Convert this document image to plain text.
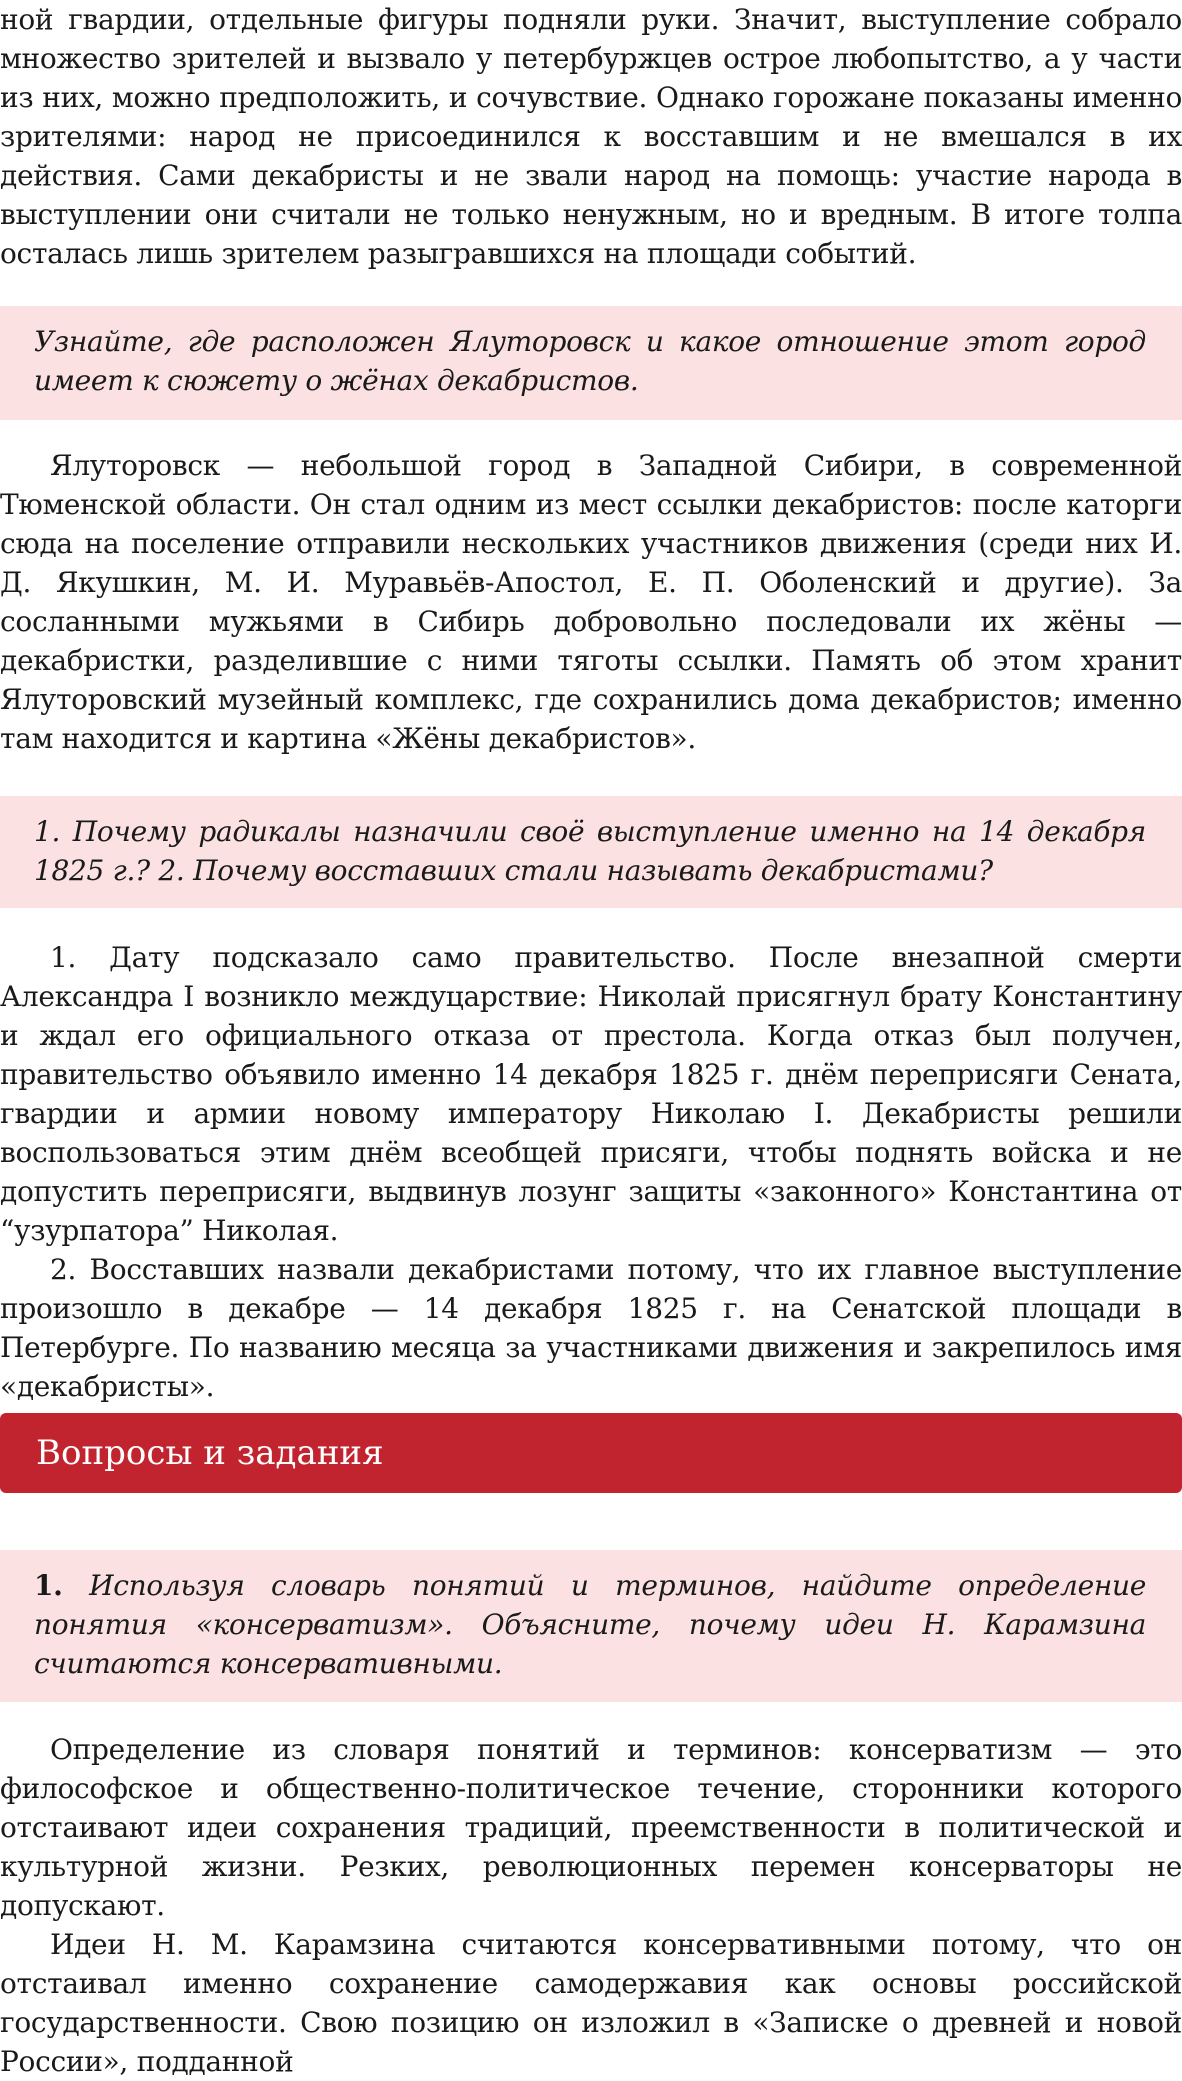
ной гвардии, отдельные фигуры подняли руки. Значит, выступление собрало множество зрителей и вызвало у петербуржцев острое любопытство, а у части из них, можно предположить, и сочувствие. Однако горожане показаны именно зрителями: народ не присоединился к восставшим и не вмешался в их действия. Сами декабристы и не звали народ на помощь: участие народа в выступлении они считали не только ненужным, но и вредным. В итоге толпа осталась лишь зрителем разыгравшихся на площади событий.

Узнайте, где расположен Ялуторовск и какое отношение этот город имеет к сюжету о жёнах декабристов.

Ялуторовск — небольшой город в Западной Сибири, в современной Тюменской области. Он стал одним из мест ссылки декабристов: после каторги сюда на поселение отправили нескольких участников движения (среди них И. Д. Якушкин, М. И. Муравьёв-Апостол, Е. П. Оболенский и другие). За сосланными мужьями в Сибирь добровольно последовали их жёны — декабристки, разделившие с ними тяготы ссылки. Память об этом хранит Ялуторовский музейный комплекс, где сохранились дома декабристов; именно там находится и картина «Жёны декабристов».

1. Почему радикалы назначили своё выступление именно на 14 декабря 1825 г.? 2. Почему восставших стали называть декабристами?

1. Дату подсказало само правительство. После внезапной смерти Александра I возникло междуцарствие: Николай присягнул брату Константину и ждал его официального отказа от престола. Когда отказ был получен, правительство объявило именно 14 декабря 1825 г. днём переприсяги Сената, гвардии и армии новому императору Николаю I. Декабристы решили воспользоваться этим днём всеобщей присяги, чтобы поднять войска и не допустить переприсяги, выдвинув лозунг защиты «законного» Константина от “узурпатора” Николая.

2. Восставших назвали декабристами потому, что их главное выступление произошло в декабре — 14 декабря 1825 г. на Сенатской площади в Петербурге. По названию месяца за участниками движения и закрепилось имя «декабристы».

Вопросы и задания

1. Используя словарь понятий и терминов, найдите определение понятия «консерватизм». Объясните, почему идеи Н. Карамзина считаются консервативными.

Определение из словаря понятий и терминов: консерватизм — это философское и общественно-политическое течение, сторонники которого отстаивают идеи сохранения традиций, преемственности в политической и культурной жизни. Резких, революционных перемен консерваторы не допускают.

Идеи Н. М. Карамзина считаются консервативными потому, что он отстаивал именно сохранение самодержавия как основы российской государственности. Свою позицию он изложил в «Записке о древней и новой России», подданной
